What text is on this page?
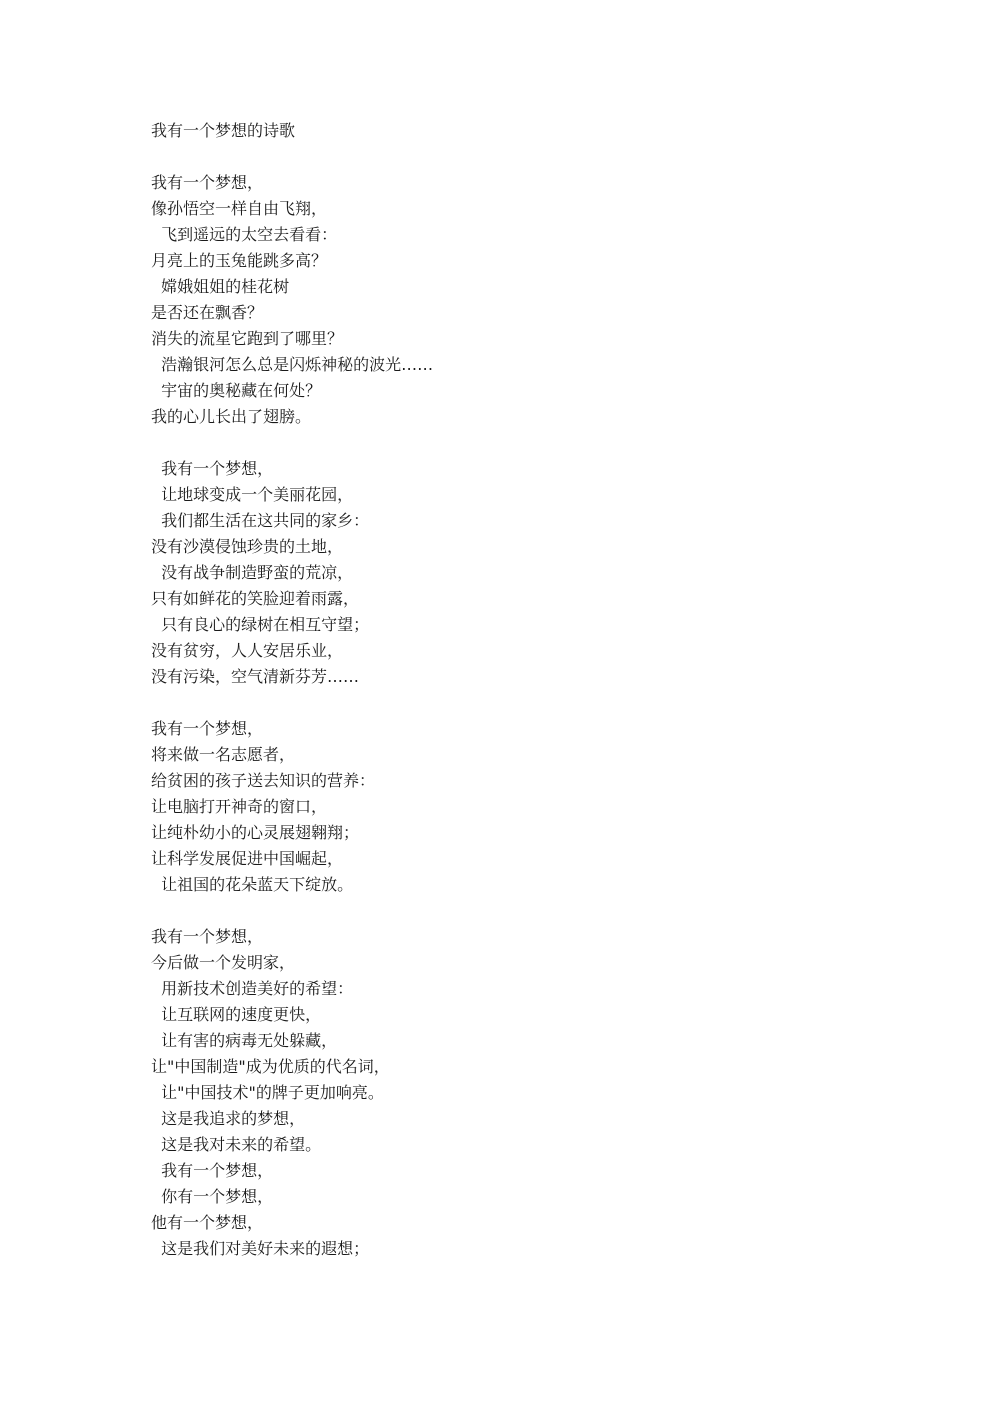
我有一个梦想的诗歌
我有一个梦想，
像孙悟空一样自由飞翔，
飞到遥远的太空去看看：
月亮上的玉兔能跳多高？
嫦娥姐姐的桂花树
是否还在飘香？
消失的流星它跑到了哪里？
浩瀚银河怎么总是闪烁神秘的波光……
宇宙的奥秘藏在何处？
我的心儿长出了翅膀。
我有一个梦想，
让地球变成一个美丽花园，
我们都生活在这共同的家乡：
没有沙漠侵蚀珍贵的土地，
没有战争制造野蛮的荒凉，
只有如鲜花的笑脸迎着雨露，
只有良心的绿树在相互守望；
没有贫穷，人人安居乐业，
没有污染，空气清新芬芳……
我有一个梦想，
将来做一名志愿者，
给贫困的孩子送去知识的营养：
让电脑打开神奇的窗口，
让纯朴幼小的心灵展翅翱翔；
让科学发展促进中国崛起，
让祖国的花朵蓝天下绽放。
我有一个梦想，
今后做一个发明家，
用新技术创造美好的希望：
让互联网的速度更快，
让有害的病毒无处躲藏，
让"中国制造"成为优质的代名词，
让"中国技术"的牌子更加响亮。
这是我追求的梦想，
这是我对未来的希望。
我有一个梦想，
你有一个梦想，
他有一个梦想，
这是我们对美好未来的遐想；
